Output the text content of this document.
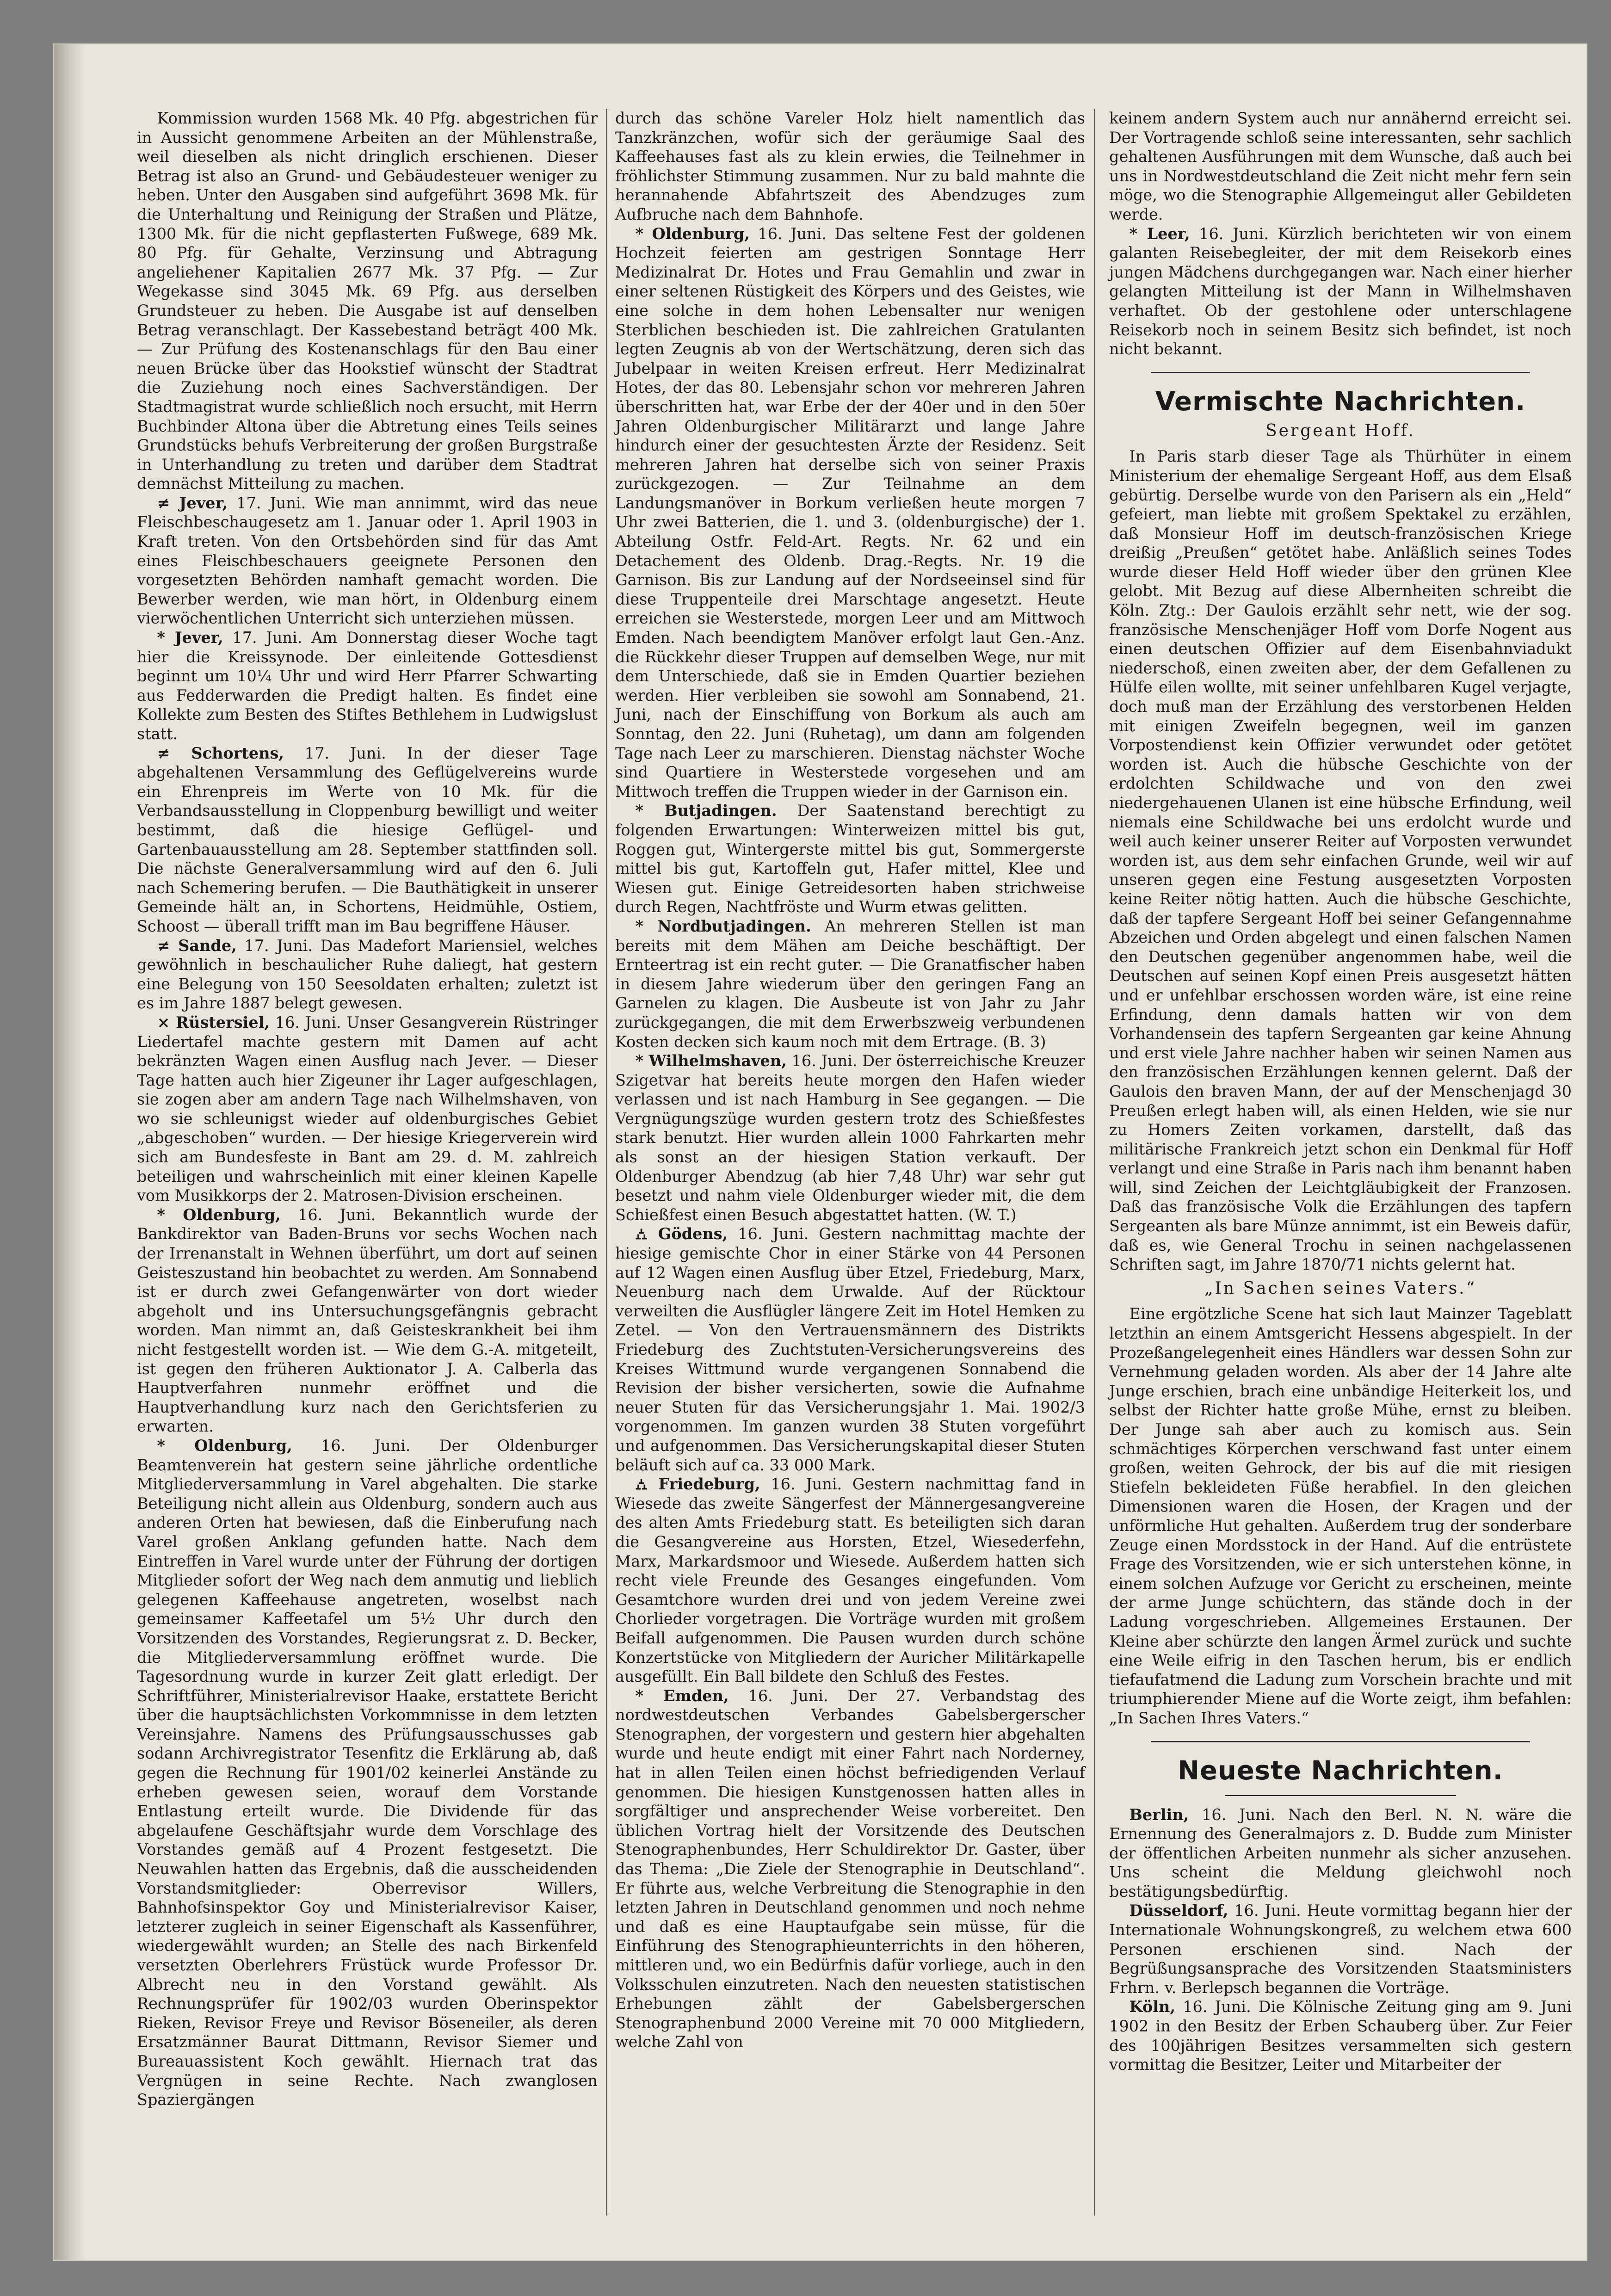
Kommission wurden 1568 Mk. 40 Pfg. abgestrichen für in Aussicht genommene Arbeiten an der Mühlenstraße, weil dieselben als nicht dringlich erschienen. Dieser Betrag ist also an Grund- und Gebäudesteuer weniger zu heben. Unter den Ausgaben sind aufgeführt 3698 Mk. für die Unterhaltung und Reinigung der Straßen und Plätze, 1300 Mk. für die nicht gepflasterten Fußwege, 689 Mk. 80 Pfg. für Gehalte, Verzinsung und Abtragung angeliehener Kapitalien 2677 Mk. 37 Pfg. — Zur Wegekasse sind 3045 Mk. 69 Pfg. aus derselben Grundsteuer zu heben. Die Ausgabe ist auf denselben Betrag veranschlagt. Der Kassebestand beträgt 400 Mk. — Zur Prüfung des Kostenanschlags für den Bau einer neuen Brücke über das Hookstief wünscht der Stadtrat die Zuziehung noch eines Sachverständigen. Der Stadtmagistrat wurde schließlich noch ersucht, mit Herrn Buchbinder Altona über die Abtretung eines Teils seines Grundstücks behufs Verbreiterung der großen Burgstraße in Unterhandlung zu treten und darüber dem Stadtrat demnächst Mitteilung zu machen.

≠ Jever, 17. Juni. Wie man annimmt, wird das neue Fleischbeschaugesetz am 1. Januar oder 1. April 1903 in Kraft treten. Von den Ortsbehörden sind für das Amt eines Fleischbeschauers geeignete Personen den vorgesetzten Behörden namhaft gemacht worden. Die Bewerber werden, wie man hört, in Oldenburg einem vierwöchentlichen Unterricht sich unterziehen müssen.

* Jever, 17. Juni. Am Donnerstag dieser Woche tagt hier die Kreissynode. Der einleitende Gottesdienst beginnt um 10¼ Uhr und wird Herr Pfarrer Schwarting aus Fedderwarden die Predigt halten. Es findet eine Kollekte zum Besten des Stiftes Bethlehem in Ludwigslust statt.

≠ Schortens, 17. Juni. In der dieser Tage abgehaltenen Versammlung des Geflügelvereins wurde ein Ehrenpreis im Werte von 10 Mk. für die Verbandsausstellung in Cloppenburg bewilligt und weiter bestimmt, daß die hiesige Geflügel- und Gartenbauausstellung am 28. September stattfinden soll. Die nächste Generalversammlung wird auf den 6. Juli nach Schemering berufen. — Die Bauthätigkeit in unserer Gemeinde hält an, in Schortens, Heidmühle, Ostiem, Schoost — überall trifft man im Bau begriffene Häuser.

≠ Sande, 17. Juni. Das Madefort Mariensiel, welches gewöhnlich in beschaulicher Ruhe daliegt, hat gestern eine Belegung von 150 Seesoldaten erhalten; zuletzt ist es im Jahre 1887 belegt gewesen.

⨯ Rüstersiel, 16. Juni. Unser Gesangverein Rüstringer Liedertafel machte gestern mit Damen auf acht bekränzten Wagen einen Ausflug nach Jever. — Dieser Tage hatten auch hier Zigeuner ihr Lager aufgeschlagen, sie zogen aber am andern Tage nach Wilhelmshaven, von wo sie schleunigst wieder auf oldenburgisches Gebiet „abgeschoben“ wurden. — Der hiesige Kriegerverein wird sich am Bundesfeste in Bant am 29. d. M. zahlreich beteiligen und wahrscheinlich mit einer kleinen Kapelle vom Musikkorps der 2. Matrosen-Division erscheinen.

* Oldenburg, 16. Juni. Bekanntlich wurde der Bankdirektor van Baden-Bruns vor sechs Wochen nach der Irrenanstalt in Wehnen überführt, um dort auf seinen Geisteszustand hin beobachtet zu werden. Am Sonnabend ist er durch zwei Gefangenwärter von dort wieder abgeholt und ins Untersuchungsgefängnis gebracht worden. Man nimmt an, daß Geisteskrankheit bei ihm nicht festgestellt worden ist. — Wie dem G.-A. mitgeteilt, ist gegen den früheren Auktionator J. A. Calberla das Hauptverfahren nunmehr eröffnet und die Hauptverhandlung kurz nach den Gerichtsferien zu erwarten.

* Oldenburg, 16. Juni. Der Oldenburger Beamtenverein hat gestern seine jährliche ordentliche Mitgliederversammlung in Varel abgehalten. Die starke Beteiligung nicht allein aus Oldenburg, sondern auch aus anderen Orten hat bewiesen, daß die Einberufung nach Varel großen Anklang gefunden hatte. Nach dem Eintreffen in Varel wurde unter der Führung der dortigen Mitglieder sofort der Weg nach dem anmutig und lieblich gelegenen Kaffeehause angetreten, woselbst nach gemeinsamer Kaffeetafel um 5½ Uhr durch den Vorsitzenden des Vorstandes, Regierungsrat z. D. Becker, die Mitgliederversammlung eröffnet wurde. Die Tagesordnung wurde in kurzer Zeit glatt erledigt. Der Schriftführer, Ministerialrevisor Haake, erstattete Bericht über die hauptsächlichsten Vorkommnisse in dem letzten Vereinsjahre. Namens des Prüfungsausschusses gab sodann Archivregistrator Tesenfitz die Erklärung ab, daß gegen die Rechnung für 1901/02 keinerlei Anstände zu erheben gewesen seien, worauf dem Vorstande Entlastung erteilt wurde. Die Dividende für das abgelaufene Geschäftsjahr wurde dem Vorschlage des Vorstandes gemäß auf 4 Prozent festgesetzt. Die Neuwahlen hatten das Ergebnis, daß die ausscheidenden Vorstandsmitglieder: Oberrevisor Willers, Bahnhofsinspektor Goy und Ministerialrevisor Kaiser, letzterer zugleich in seiner Eigenschaft als Kassenführer, wiedergewählt wurden; an Stelle des nach Birkenfeld versetzten Oberlehrers Früstück wurde Professor Dr. Albrecht neu in den Vorstand gewählt. Als Rechnungsprüfer für 1902/03 wurden Oberinspektor Rieken, Revisor Freye und Revisor Böseneiler, als deren Ersatzmänner Baurat Dittmann, Revisor Siemer und Bureauassistent Koch gewählt. Hiernach trat das Vergnügen in seine Rechte. Nach zwanglosen Spaziergängen

durch das schöne Vareler Holz hielt namentlich das Tanzkränzchen, wofür sich der geräumige Saal des Kaffeehauses fast als zu klein erwies, die Teilnehmer in fröhlichster Stimmung zusammen. Nur zu bald mahnte die herannahende Abfahrtszeit des Abendzuges zum Aufbruche nach dem Bahnhofe.

* Oldenburg, 16. Juni. Das seltene Fest der goldenen Hochzeit feierten am gestrigen Sonntage Herr Medizinalrat Dr. Hotes und Frau Gemahlin und zwar in einer seltenen Rüstigkeit des Körpers und des Geistes, wie eine solche in dem hohen Lebensalter nur wenigen Sterblichen beschieden ist. Die zahlreichen Gratulanten legten Zeugnis ab von der Wertschätzung, deren sich das Jubelpaar in weiten Kreisen erfreut. Herr Medizinalrat Hotes, der das 80. Lebensjahr schon vor mehreren Jahren überschritten hat, war Erbe der der 40er und in den 50er Jahren Oldenburgischer Militärarzt und lange Jahre hindurch einer der gesuchtesten Ärzte der Residenz. Seit mehreren Jahren hat derselbe sich von seiner Praxis zurückgezogen. — Zur Teilnahme an dem Landungsmanöver in Borkum verließen heute morgen 7 Uhr zwei Batterien, die 1. und 3. (oldenburgische) der 1. Abteilung Ostfr. Feld-Art. Regts. Nr. 62 und ein Detachement des Oldenb. Drag.-Regts. Nr. 19 die Garnison. Bis zur Landung auf der Nordseeinsel sind für diese Truppenteile drei Marschtage angesetzt. Heute erreichen sie Westerstede, morgen Leer und am Mittwoch Emden. Nach beendigtem Manöver erfolgt laut Gen.-Anz. die Rückkehr dieser Truppen auf demselben Wege, nur mit dem Unterschiede, daß sie in Emden Quartier beziehen werden. Hier verbleiben sie sowohl am Sonnabend, 21. Juni, nach der Einschiffung von Borkum als auch am Sonntag, den 22. Juni (Ruhetag), um dann am folgenden Tage nach Leer zu marschieren. Dienstag nächster Woche sind Quartiere in Westerstede vorgesehen und am Mittwoch treffen die Truppen wieder in der Garnison ein.

* Butjadingen. Der Saatenstand berechtigt zu folgenden Erwartungen: Winterweizen mittel bis gut, Roggen gut, Wintergerste mittel bis gut, Sommergerste mittel bis gut, Kartoffeln gut, Hafer mittel, Klee und Wiesen gut. Einige Getreidesorten haben strichweise durch Regen, Nachtfröste und Wurm etwas gelitten.

* Nordbutjadingen. An mehreren Stellen ist man bereits mit dem Mähen am Deiche beschäftigt. Der Ernteertrag ist ein recht guter. — Die Granatfischer haben in diesem Jahre wiederum über den geringen Fang an Garnelen zu klagen. Die Ausbeute ist von Jahr zu Jahr zurückgegangen, die mit dem Erwerbszweig verbundenen Kosten decken sich kaum noch mit dem Ertrage. (B. 3)

* Wilhelmshaven, 16. Juni. Der österreichische Kreuzer Szigetvar hat bereits heute morgen den Hafen wieder verlassen und ist nach Hamburg in See gegangen. — Die Vergnügungszüge wurden gestern trotz des Schießfestes stark benutzt. Hier wurden allein 1000 Fahrkarten mehr als sonst an der hiesigen Station verkauft. Der Oldenburger Abendzug (ab hier 7,48 Uhr) war sehr gut besetzt und nahm viele Oldenburger wieder mit, die dem Schießfest einen Besuch abgestattet hatten. (W. T.)

⛼ Gödens, 16. Juni. Gestern nachmittag machte der hiesige gemischte Chor in einer Stärke von 44 Personen auf 12 Wagen einen Ausflug über Etzel, Friedeburg, Marx, Neuenburg nach dem Urwalde. Auf der Rücktour verweilten die Ausflügler längere Zeit im Hotel Hemken zu Zetel. — Von den Vertrauensmännern des Distrikts Friedeburg des Zuchtstuten-Versicherungsvereins des Kreises Wittmund wurde vergangenen Sonnabend die Revision der bisher versicherten, sowie die Aufnahme neuer Stuten für das Versicherungsjahr 1. Mai. 1902/3 vorgenommen. Im ganzen wurden 38 Stuten vorgeführt und aufgenommen. Das Versicherungskapital dieser Stuten beläuft sich auf ca. 33 000 Mark.

⛼ Friedeburg, 16. Juni. Gestern nachmittag fand in Wiesede das zweite Sängerfest der Männergesangvereine des alten Amts Friedeburg statt. Es beteiligten sich daran die Gesangvereine aus Horsten, Etzel, Wiesederfehn, Marx, Markardsmoor und Wiesede. Außerdem hatten sich recht viele Freunde des Gesanges eingefunden. Vom Gesamtchore wurden drei und von jedem Vereine zwei Chorlieder vorgetragen. Die Vorträge wurden mit großem Beifall aufgenommen. Die Pausen wurden durch schöne Konzertstücke von Mitgliedern der Auricher Militärkapelle ausgefüllt. Ein Ball bildete den Schluß des Festes.

* Emden, 16. Juni. Der 27. Verbandstag des nordwestdeutschen Verbandes Gabelsbergerscher Stenographen, der vorgestern und gestern hier abgehalten wurde und heute endigt mit einer Fahrt nach Norderney, hat in allen Teilen einen höchst befriedigenden Verlauf genommen. Die hiesigen Kunstgenossen hatten alles in sorgfältiger und ansprechender Weise vorbereitet. Den üblichen Vortrag hielt der Vorsitzende des Deutschen Stenographenbundes, Herr Schuldirektor Dr. Gaster, über das Thema: „Die Ziele der Stenographie in Deutschland“. Er führte aus, welche Verbreitung die Stenographie in den letzten Jahren in Deutschland genommen und noch nehme und daß es eine Hauptaufgabe sein müsse, für die Einführung des Stenographieunterrichts in den höheren, mittleren und, wo ein Bedürfnis dafür vorliege, auch in den Volksschulen einzutreten. Nach den neuesten statistischen Erhebungen zählt der Gabelsbergerschen Stenographenbund 2000 Vereine mit 70 000 Mitgliedern, welche Zahl von

keinem andern System auch nur annähernd erreicht sei. Der Vortragende schloß seine interessanten, sehr sachlich gehaltenen Ausführungen mit dem Wunsche, daß auch bei uns in Nordwestdeutschland die Zeit nicht mehr fern sein möge, wo die Stenographie Allgemeingut aller Gebildeten werde.

* Leer, 16. Juni. Kürzlich berichteten wir von einem galanten Reisebegleiter, der mit dem Reisekorb eines jungen Mädchens durchgegangen war. Nach einer hierher gelangten Mitteilung ist der Mann in Wilhelmshaven verhaftet. Ob der gestohlene oder unterschlagene Reisekorb noch in seinem Besitz sich befindet, ist noch nicht bekannt.

Vermischte Nachrichten.
Sergeant Hoff.

In Paris starb dieser Tage als Thürhüter in einem Ministerium der ehemalige Sergeant Hoff, aus dem Elsaß gebürtig. Derselbe wurde von den Parisern als ein „Held“ gefeiert, man liebte mit großem Spektakel zu erzählen, daß Monsieur Hoff im deutsch-französischen Kriege dreißig „Preußen“ getötet habe. Anläßlich seines Todes wurde dieser Held Hoff wieder über den grünen Klee gelobt. Mit Bezug auf diese Albernheiten schreibt die Köln. Ztg.: Der Gaulois erzählt sehr nett, wie der sog. französische Menschenjäger Hoff vom Dorfe Nogent aus einen deutschen Offizier auf dem Eisenbahnviadukt niederschoß, einen zweiten aber, der dem Gefallenen zu Hülfe eilen wollte, mit seiner unfehlbaren Kugel verjagte, doch muß man der Erzählung des verstorbenen Helden mit einigen Zweifeln begegnen, weil im ganzen Vorpostendienst kein Offizier verwundet oder getötet worden ist. Auch die hübsche Geschichte von der erdolchten Schildwache und von den zwei niedergehauenen Ulanen ist eine hübsche Erfindung, weil niemals eine Schildwache bei uns erdolcht wurde und weil auch keiner unserer Reiter auf Vorposten verwundet worden ist, aus dem sehr einfachen Grunde, weil wir auf unseren gegen eine Festung ausgesetzten Vorposten keine Reiter nötig hatten. Auch die hübsche Geschichte, daß der tapfere Sergeant Hoff bei seiner Gefangennahme Abzeichen und Orden abgelegt und einen falschen Namen den Deutschen gegenüber angenommen habe, weil die Deutschen auf seinen Kopf einen Preis ausgesetzt hätten und er unfehlbar erschossen worden wäre, ist eine reine Erfindung, denn damals hatten wir von dem Vorhandensein des tapfern Sergeanten gar keine Ahnung und erst viele Jahre nachher haben wir seinen Namen aus den französischen Erzählungen kennen gelernt. Daß der Gaulois den braven Mann, der auf der Menschenjagd 30 Preußen erlegt haben will, als einen Helden, wie sie nur zu Homers Zeiten vorkamen, darstellt, daß das militärische Frankreich jetzt schon ein Denkmal für Hoff verlangt und eine Straße in Paris nach ihm benannt haben will, sind Zeichen der Leichtgläubigkeit der Franzosen. Daß das französische Volk die Erzählungen des tapfern Sergeanten als bare Münze annimmt, ist ein Beweis dafür, daß es, wie General Trochu in seinen nachgelassenen Schriften sagt, im Jahre 1870/71 nichts gelernt hat.

„In Sachen seines Vaters.“

Eine ergötzliche Scene hat sich laut Mainzer Tageblatt letzthin an einem Amtsgericht Hessens abgespielt. In der Prozeßangelegenheit eines Händlers war dessen Sohn zur Vernehmung geladen worden. Als aber der 14 Jahre alte Junge erschien, brach eine unbändige Heiterkeit los, und selbst der Richter hatte große Mühe, ernst zu bleiben. Der Junge sah aber auch zu komisch aus. Sein schmächtiges Körperchen verschwand fast unter einem großen, weiten Gehrock, der bis auf die mit riesigen Stiefeln bekleideten Füße herabfiel. In den gleichen Dimensionen waren die Hosen, der Kragen und der unförmliche Hut gehalten. Außerdem trug der sonderbare Zeuge einen Mordsstock in der Hand. Auf die entrüstete Frage des Vorsitzenden, wie er sich unterstehen könne, in einem solchen Aufzuge vor Gericht zu erscheinen, meinte der arme Junge schüchtern, das stände doch in der Ladung vorgeschrieben. Allgemeines Erstaunen. Der Kleine aber schürzte den langen Ärmel zurück und suchte eine Weile eifrig in den Taschen herum, bis er endlich tiefaufatmend die Ladung zum Vorschein brachte und mit triumphierender Miene auf die Worte zeigt, ihm befahlen: „In Sachen Ihres Vaters.“

Neueste Nachrichten.

Berlin, 16. Juni. Nach den Berl. N. N. wäre die Ernennung des Generalmajors z. D. Budde zum Minister der öffentlichen Arbeiten nunmehr als sicher anzusehen. Uns scheint die Meldung gleichwohl noch bestätigungsbedürftig.

Düsseldorf, 16. Juni. Heute vormittag begann hier der Internationale Wohnungskongreß, zu welchem etwa 600 Personen erschienen sind. Nach der Begrüßungsansprache des Vorsitzenden Staatsministers Frhrn. v. Berlepsch begannen die Vorträge.

Köln, 16. Juni. Die Kölnische Zeitung ging am 9. Juni 1902 in den Besitz der Erben Schauberg über. Zur Feier des 100jährigen Besitzes versammelten sich gestern vormittag die Besitzer, Leiter und Mitarbeiter der
